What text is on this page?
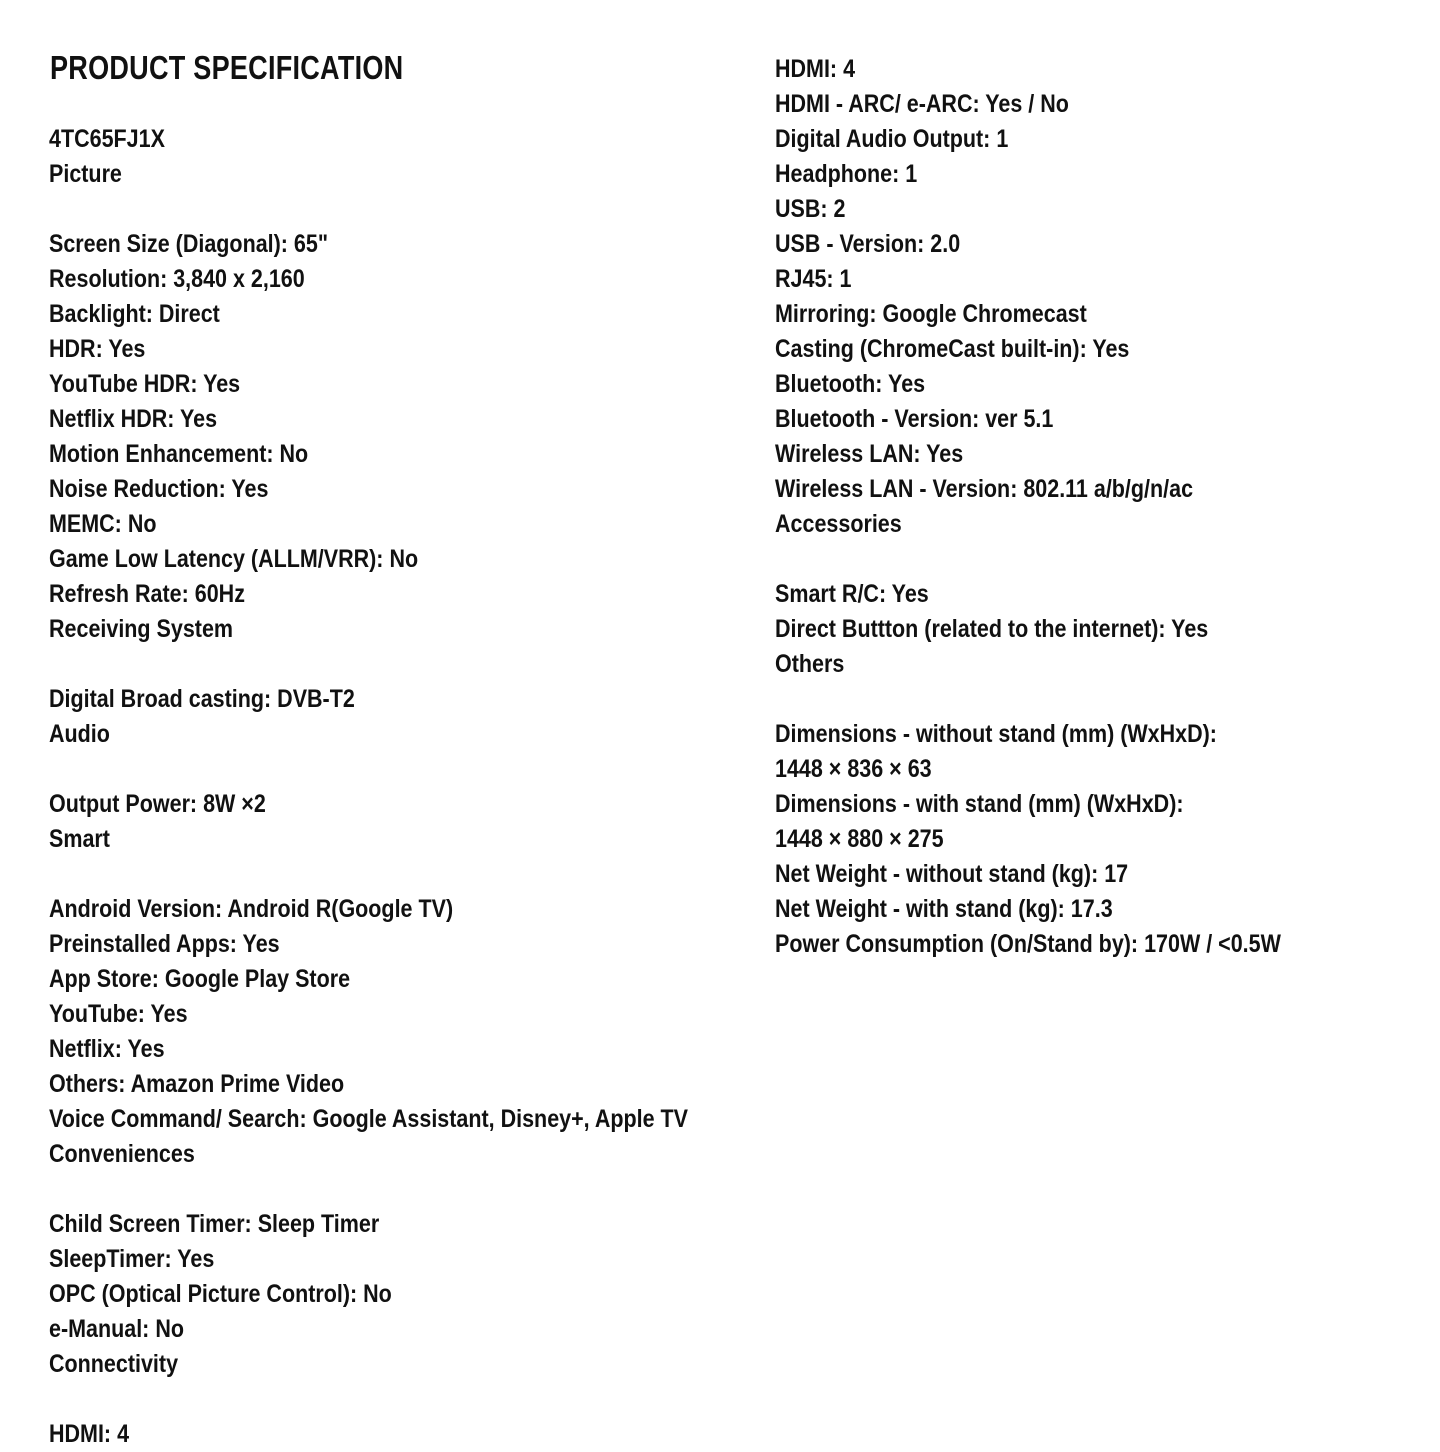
PRODUCT SPECIFICATION
4TC65FJ1X
Picture
Screen Size (Diagonal): 65"
Resolution: 3,840 x 2,160
Backlight: Direct
HDR: Yes
YouTube HDR: Yes
Netflix HDR: Yes
Motion Enhancement: No
Noise Reduction: Yes
MEMC: No
Game Low Latency (ALLM/VRR): No
Refresh Rate: 60Hz
Receiving System
Digital Broad casting: DVB-T2
Audio
Output Power: 8W ×2
Smart
Android Version: Android R(Google TV)
Preinstalled Apps: Yes
App Store: Google Play Store
YouTube: Yes
Netflix: Yes
Others: Amazon Prime Video
Voice Command/ Search: Google Assistant, Disney+, Apple TV
Conveniences
Child Screen Timer: Sleep Timer
SleepTimer: Yes
OPC (Optical Picture Control): No
e-Manual: No
Connectivity
HDMI: 4
HDMI: 4
HDMI - ARC/ e-ARC: Yes / No
Digital Audio Output: 1
Headphone: 1
USB: 2
USB - Version: 2.0
RJ45: 1
Mirroring: Google Chromecast
Casting (ChromeCast built-in): Yes
Bluetooth: Yes
Bluetooth - Version: ver 5.1
Wireless LAN: Yes
Wireless LAN - Version: 802.11 a/b/g/n/ac
Accessories
Smart R/C: Yes
Direct Buttton (related to the internet): Yes
Others
Dimensions - without stand (mm) (WxHxD):
1448 × 836 × 63
Dimensions - with stand (mm) (WxHxD):
1448 × 880 × 275
Net Weight - without stand (kg): 17
Net Weight - with stand (kg): 17.3
Power Consumption (On/Stand by): 170W / <0.5W
